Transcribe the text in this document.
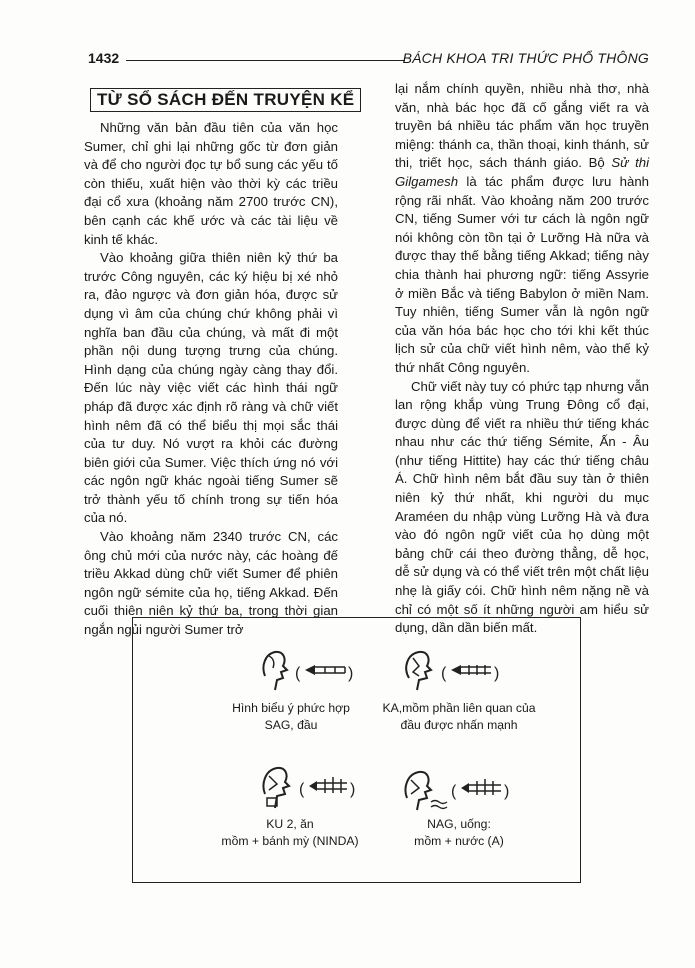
1432	BÁCH KHOA TRI THỨC PHỔ THÔNG
TỪ SỔ SÁCH ĐẾN TRUYỆN KỂ

Những văn bản đầu tiên của văn học Sumer, chỉ ghi lại những gốc từ đơn giản và để cho người đọc tự bổ sung các yếu tố còn thiếu, xuất hiện vào thời kỳ các triều đại cổ xưa (khoảng năm 2700 trước CN), bên cạnh các khế ước và các tài liệu về kinh tế khác.

Vào khoảng giữa thiên niên kỷ thứ ba trước Công nguyên, các ký hiệu bị xé nhỏ ra, đảo ngược và đơn giản hóa, được sử dụng vì âm của chúng chứ không phải vì nghĩa ban đầu của chúng, và mất đi một phần nội dung tượng trưng của chúng. Hình dạng của chúng ngày càng thay đổi. Đến lúc này việc viết các hình thái ngữ pháp đã được xác định rõ ràng và chữ viết hình nêm đã có thể biểu thị mọi sắc thái của tư duy. Nó vượt ra khỏi các đường biên giới của Sumer. Việc thích ứng nó với các ngôn ngữ khác ngoài tiếng Sumer sẽ trở thành yếu tố chính trong sự tiến hóa của nó.

Vào khoảng năm 2340 trước CN, các ông chủ mới của nước này, các hoàng đế triều Akkad dùng chữ viết Sumer để phiên ngôn ngữ sémite của họ, tiếng Akkad. Đến cuối thiên niên kỷ thứ ba, trong thời gian ngắn ngủi người Sumer trở

lại nắm chính quyền, nhiều nhà thơ, nhà văn, nhà bác học đã cố gắng viết ra và truyền bá nhiều tác phẩm văn học truyền miệng: thánh ca, thần thoại, kinh thánh, sử thi, triết học, sách thánh giáo. Bộ Sử thi Gilgamesh là tác phẩm được lưu hành rộng rãi nhất. Vào khoảng năm 200 trước CN, tiếng Sumer với tư cách là ngôn ngữ nói không còn tồn tại ở Lưỡng Hà nữa và được thay thế bằng tiếng Akkad; tiếng này chia thành hai phương ngữ: tiếng Assyrie ở miền Bắc và tiếng Babylon ở miền Nam. Tuy nhiên, tiếng Sumer vẫn là ngôn ngữ của văn hóa bác học cho tới khi kết thúc lịch sử của chữ viết hình nêm, vào thế kỷ thứ nhất Công nguyên.

Chữ viết này tuy có phức tạp nhưng vẫn lan rộng khắp vùng Trung Đông cổ đại, được dùng để viết ra nhiều thứ tiếng khác nhau như các thứ tiếng Sémite, Ấn - Âu (như tiếng Hittite) hay các thứ tiếng châu Á. Chữ hình nêm bắt đầu suy tàn ở thiên niên kỷ thứ nhất, khi người du mục Araméen du nhập vùng Lưỡng Hà và đưa vào đó ngôn ngữ viết của họ dùng một bảng chữ cái theo đường thẳng, dễ học, dễ sử dụng và có thể viết trên một chất liệu nhẹ là giấy cói. Chữ hình nêm nặng nề và chỉ có một số ít những người am hiểu sử dụng, dần dần biến mất.

(	)	(	)
Hình biểu ý phức hợp
SAG, đầu
KA,mồm phần liên quan của
đầu được nhấn mạnh
(	)	(	)
KU 2, ăn
mồm + bánh mỳ (NINDA)
NAG, uống:
mồm + nước (A)
